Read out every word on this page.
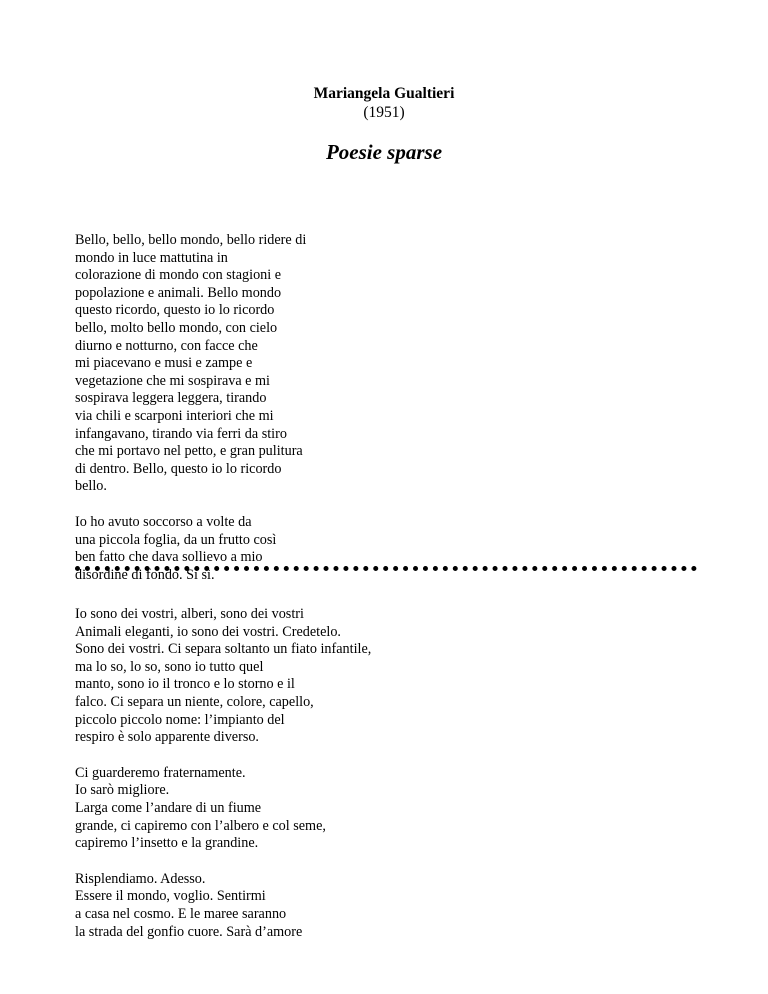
Mariangela Gualtieri
(1951)
Poesie sparse
Bello, bello, bello mondo, bello ridere di
mondo in luce mattutina in
colorazione di mondo con stagioni e
popolazione e animali. Bello mondo
questo ricordo, questo io lo ricordo
bello, molto bello mondo, con cielo
diurno e notturno, con facce che
mi piacevano e musi e zampe e
vegetazione che mi sospirava e mi
sospirava leggera leggera, tirando
via chili e scarponi interiori che mi
infangavano, tirando via ferri da stiro
che mi portavo nel petto, e gran pulitura
di dentro. Bello, questo io lo ricordo
bello.
Io ho avuto soccorso a volte da
una piccola foglia, da un frutto così
ben fatto che dava sollievo a mio
disordine di fondo. Sì sì.
Io sono dei vostri, alberi, sono dei vostri
Animali eleganti, io sono dei vostri. Credetelo.
Sono dei vostri. Ci separa soltanto un fiato infantile,
ma lo so, lo so, sono io tutto quel
manto, sono io il tronco e lo storno e il
falco. Ci separa un niente, colore, capello,
piccolo piccolo nome: l’impianto del
respiro è solo apparente diverso.
Ci guarderemo fraternamente.
Io sarò migliore.
Larga come l’andare di un fiume
grande, ci capiremo con l’albero e col seme,
capiremo l’insetto e la grandine.
Risplendiamo. Adesso.
Essere il mondo, voglio. Sentirmi
a casa nel cosmo. E le maree saranno
la strada del gonfio cuore. Sarà d’amore
